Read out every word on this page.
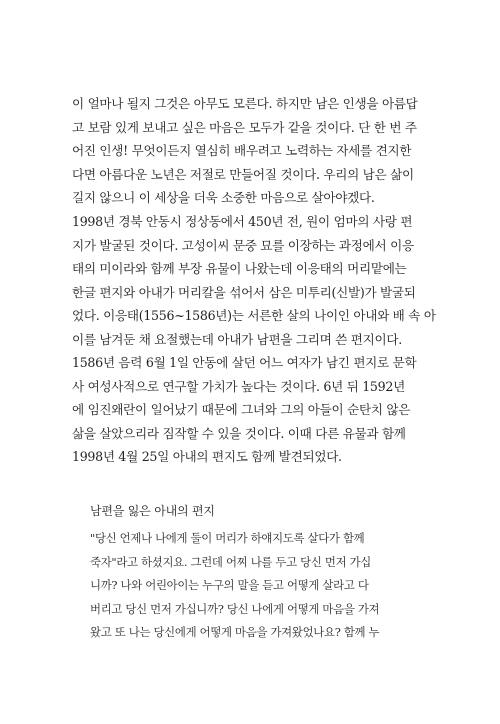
이 얼마나 될지 그것은 아무도 모른다. 하지만 남은 인생을 아름답
고 보람 있게 보내고 싶은 마음은 모두가 같을 것이다. 단 한 번 주
어진 인생! 무엇이든지 열심히 배우려고 노력하는 자세를 견지한
다면 아름다운 노년은 저절로 만들어질 것이다. 우리의 남은 삶이
길지 않으니 이 세상을 더욱 소중한 마음으로 살아야겠다.
1998년 경북 안동시 정상동에서 450년 전, 원이 엄마의 사랑 편
지가 발굴된 것이다. 고성이씨 문중 묘를 이장하는 과정에서 이응
태의 미이라와 함께 부장 유물이 나왔는데 이응태의 머리맡에는
한글 편지와 아내가 머리칼을 섞어서 삼은 미투리(신발)가 발굴되
었다. 이응태(1556~1586년)는 서른한 살의 나이인 아내와 배 속 아
이를 남겨둔 채 요절했는데 아내가 남편을 그리며 쓴 편지이다.
1586년 음력 6월 1일 안동에 살던 어느 여자가 남긴 편지로 문학
사 여성사적으로 연구할 가치가 높다는 것이다. 6년 뒤 1592년
에 임진왜란이 일어났기 때문에 그녀와 그의 아들이 순탄치 않은
삶을 살았으리라 짐작할 수 있을 것이다. 이때 다른 유물과 함께
1998년 4월 25일 아내의 편지도 함께 발견되었다.
남편을 잃은 아내의 편지
"당신 언제나 나에게 둘이 머리가 하얘지도록 살다가 함께
죽자"라고 하셨지요. 그런데 어찌 나를 두고 당신 먼저 가십
니까? 나와 어린아이는 누구의 말을 듣고 어떻게 살라고 다
버리고 당신 먼저 가십니까? 당신 나에게 어떻게 마음을 가져
왔고 또 나는 당신에게 어떻게 마음을 가져왔었나요? 함께 누
